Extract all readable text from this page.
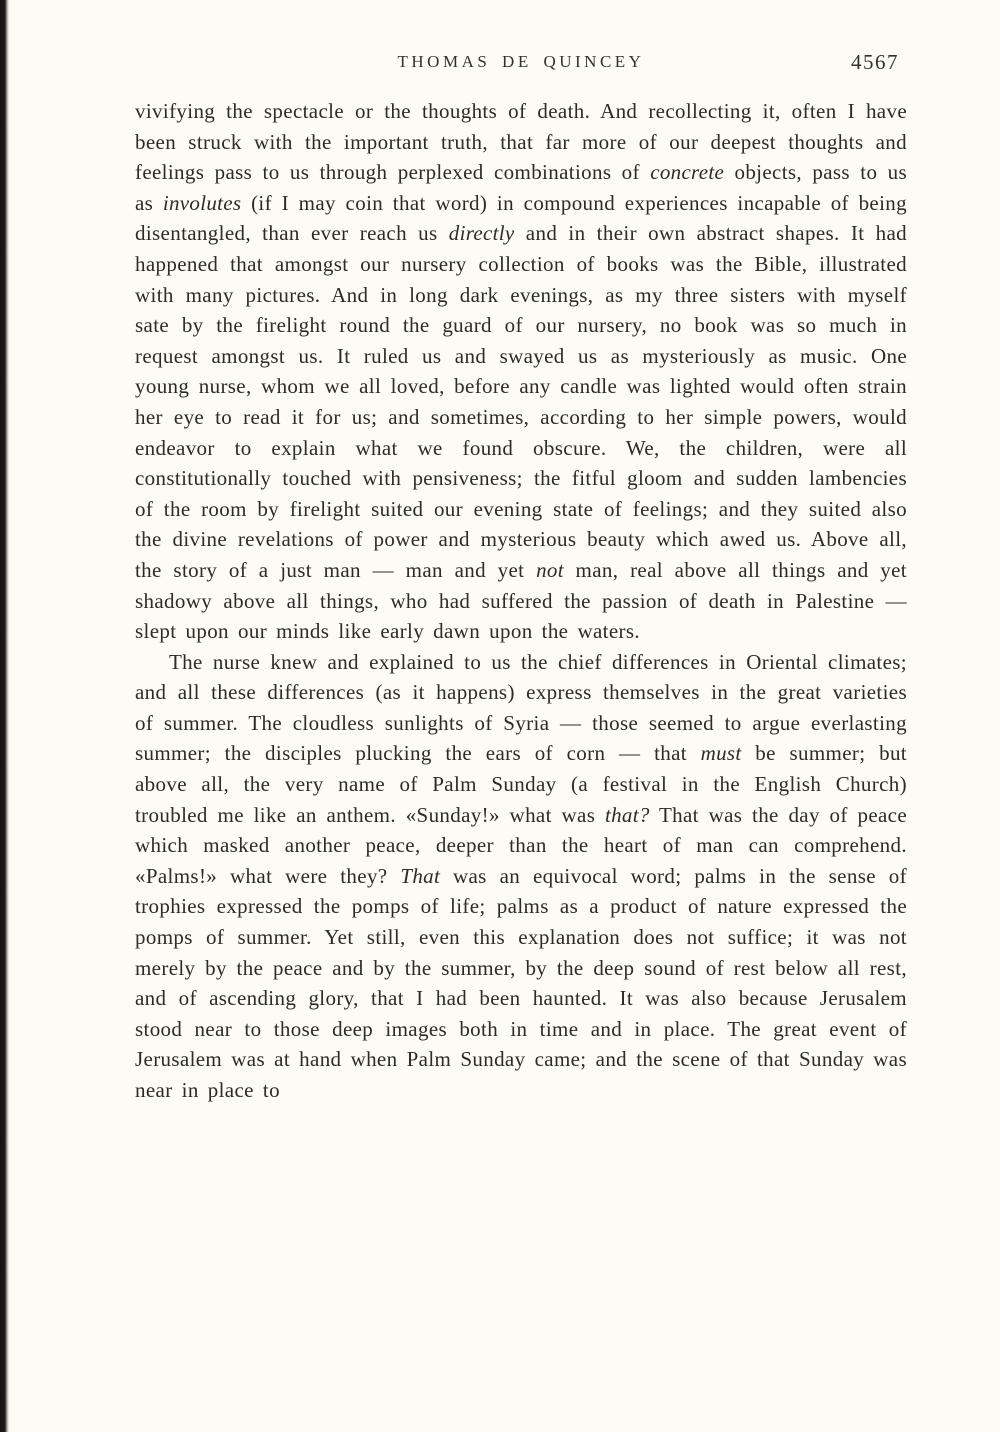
THOMAS DE QUINCEY	4567

vivifying the spectacle or the thoughts of death. And recollecting it, often I have been struck with the important truth, that far more of our deepest thoughts and feelings pass to us through perplexed combinations of concrete objects, pass to us as involutes (if I may coin that word) in compound experiences incapable of being disentangled, than ever reach us directly and in their own abstract shapes. It had happened that amongst our nursery collection of books was the Bible, illustrated with many pictures. And in long dark evenings, as my three sisters with myself sate by the firelight round the guard of our nursery, no book was so much in request amongst us. It ruled us and swayed us as mysteriously as music. One young nurse, whom we all loved, before any candle was lighted would often strain her eye to read it for us; and sometimes, according to her simple powers, would endeavor to explain what we found obscure. We, the children, were all constitutionally touched with pensiveness; the fitful gloom and sudden lambencies of the room by firelight suited our evening state of feelings; and they suited also the divine revelations of power and mysterious beauty which awed us. Above all, the story of a just man — man and yet not man, real above all things and yet shadowy above all things, who had suffered the passion of death in Palestine — slept upon our minds like early dawn upon the waters.

The nurse knew and explained to us the chief differences in Oriental climates; and all these differences (as it happens) express themselves in the great varieties of summer. The cloudless sunlights of Syria — those seemed to argue everlasting summer; the disciples plucking the ears of corn — that must be summer; but above all, the very name of Palm Sunday (a festival in the English Church) troubled me like an anthem. «Sunday!» what was that? That was the day of peace which masked another peace, deeper than the heart of man can comprehend. «Palms!» what were they? That was an equivocal word; palms in the sense of trophies expressed the pomps of life; palms as a product of nature expressed the pomps of summer. Yet still, even this explanation does not suffice; it was not merely by the peace and by the summer, by the deep sound of rest below all rest, and of ascending glory, that I had been haunted. It was also because Jerusalem stood near to those deep images both in time and in place. The great event of Jerusalem was at hand when Palm Sunday came; and the scene of that Sunday was near in place to
